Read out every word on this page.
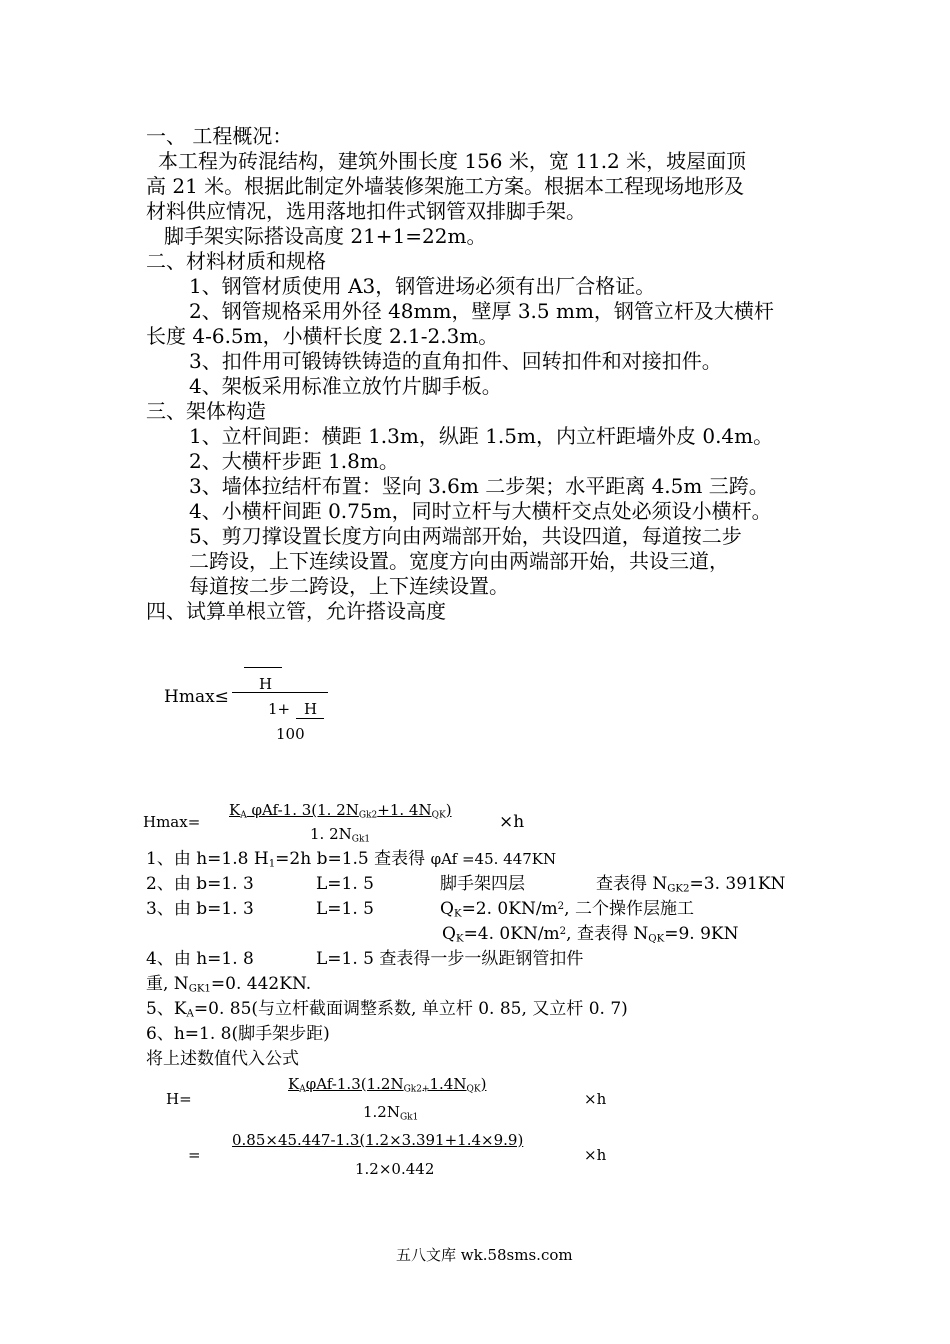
一、 工程概况：
本工程为砖混结构，建筑外围长度 156 米，宽 11.2 米，坡屋面顶
高 21 米。根据此制定外墙装修架施工方案。根据本工程现场地形及
材料供应情况，选用落地扣件式钢管双排脚手架。
脚手架实际搭设高度 21+1=22m。
二、材料材质和规格
1、钢管材质使用 A3，钢管进场必须有出厂合格证。
2、钢管规格采用外径 48mm，壁厚 3.5 mm，钢管立杆及大横杆
长度 4-6.5m，小横杆长度 2.1-2.3m。
3、扣件用可锻铸铁铸造的直角扣件、回转扣件和对接扣件。
4、架板采用标准立放竹片脚手板。
三、架体构造
1、立杆间距：横距 1.3m，纵距 1.5m，内立杆距墙外皮 0.4m。
2、大横杆步距 1.8m。
3、墙体拉结杆布置：竖向 3.6m 二步架；水平距离 4.5m 三跨。
4、小横杆间距 0.75m，同时立杆与大横杆交点处必须设小横杆。
5、剪刀撑设置长度方向由两端部开始，共设四道，每道按二步
二跨设，上下连续设置。宽度方向由两端部开始，共设三道，
每道按二步二跨设，上下连续设置。
四、试算单根立管，允许搭设高度
Hmax≤
H
1+ H
100
Hmax=
$K_A$ φAf-1. 3(1. $2N_{Gk2}+1$. $4N_{QK}$)
1. $2N_{Gk1}$
×h
1、由 h=1.8 $H_1=2h$ b=1.5 查表得 φAf =45. 447KN
2、由 b=1. 3	L=1. 5	脚手架四层	查表得 $N_{GK2}=3$. 391KN
3、由 b=1. 3	L=1. 5	$Q_K=2$. $0KN/m^2$, 二个操作层施工
$Q_K=4$. $0KN/m^2$, 查表得 $N_{QK}=9$. 9KN
4、由 h=1. 8	L=1. 5 查表得一步一纵距钢管扣件
重, $N_{GK1}=0$. 442KN.
5、$K_A=0$. 85(与立杆截面调整系数, 单立杆 0. 85, 又立杆 0. 7)
6、h=1. 8(脚手架步距)
将上述数值代入公式
H=
$K_A\varphi Af-1.3(1.2N_{Gk2+}1.4N_{QK})$
$1.2N_{Gk1}$
×h
=
0.85×45.447-1.3(1.2×3.391+1.4×9.9)
1.2×0.442
×h
五八文库 wk.58sms.com
